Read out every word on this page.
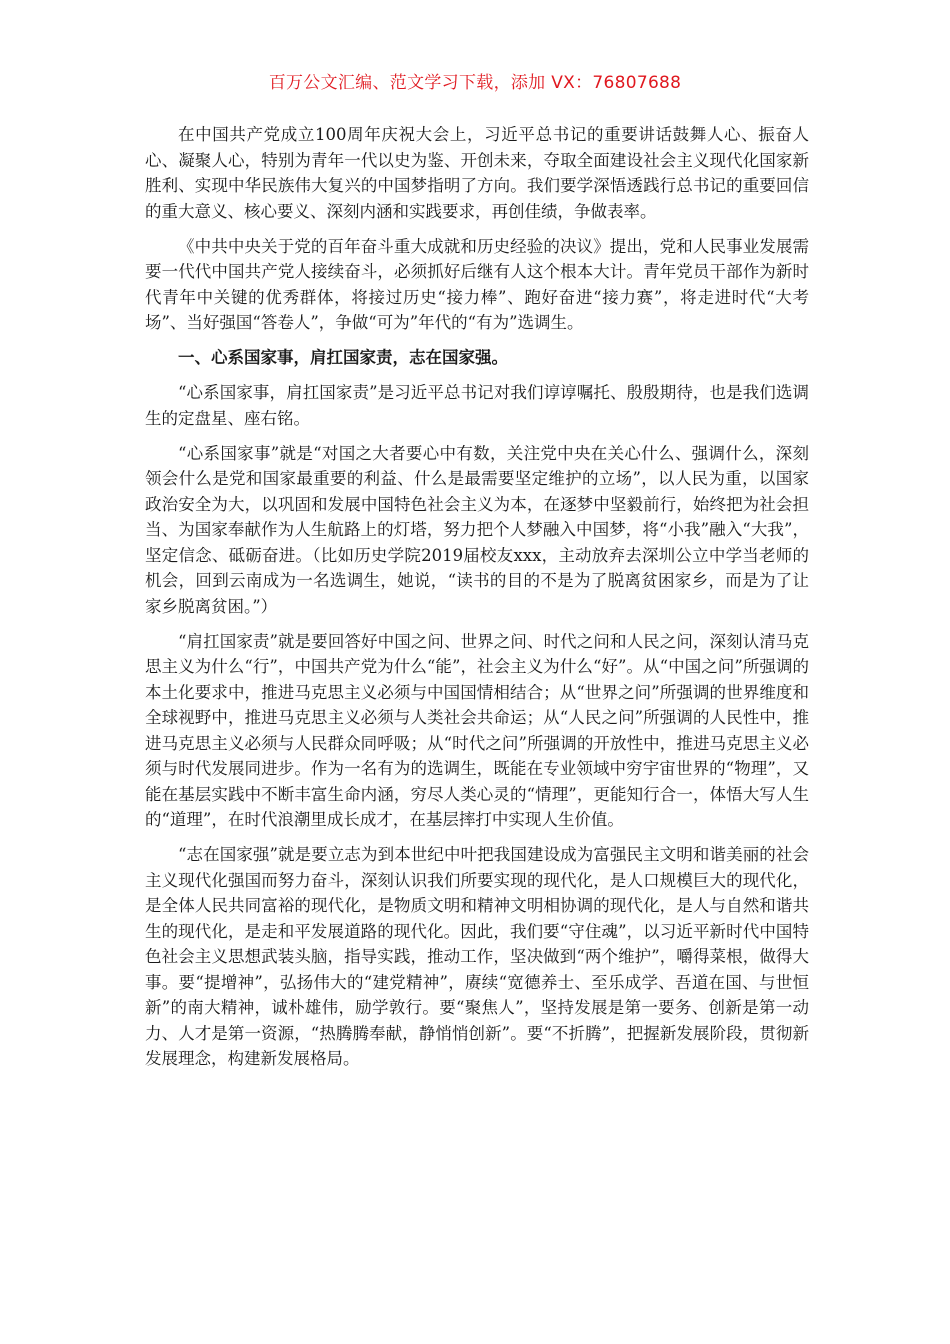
百万公文汇编、范文学习下载，添加 VX：76807688

在中国共产党成立100周年庆祝大会上，习近平总书记的重要讲话鼓舞人心、振奋人心、凝聚人心，特别为青年一代以史为鉴、开创未来，夺取全面建设社会主义现代化国家新胜利、实现中华民族伟大复兴的中国梦指明了方向。我们要学深悟透践行总书记的重要回信的重大意义、核心要义、深刻内涵和实践要求，再创佳绩，争做表率。

《中共中央关于党的百年奋斗重大成就和历史经验的决议》提出，党和人民事业发展需要一代代中国共产党人接续奋斗，必须抓好后继有人这个根本大计。青年党员干部作为新时代青年中关键的优秀群体，将接过历史“接力棒”、跑好奋进“接力赛”，将走进时代“大考场”、当好强国“答卷人”，争做“可为”年代的“有为”选调生。

一、心系国家事，肩扛国家责，志在国家强。

“心系国家事，肩扛国家责”是习近平总书记对我们谆谆嘱托、殷殷期待，也是我们选调生的定盘星、座右铭。

“心系国家事”就是“对国之大者要心中有数，关注党中央在关心什么、强调什么，深刻领会什么是党和国家最重要的利益、什么是最需要坚定维护的立场”，以人民为重，以国家政治安全为大，以巩固和发展中国特色社会主义为本，在逐梦中坚毅前行，始终把为社会担当、为国家奉献作为人生航路上的灯塔，努力把个人梦融入中国梦，将“小我”融入“大我”，坚定信念、砥砺奋进。（比如历史学院2019届校友xxx，主动放弃去深圳公立中学当老师的机会，回到云南成为一名选调生，她说，“读书的目的不是为了脱离贫困家乡，而是为了让家乡脱离贫困。”）

“肩扛国家责”就是要回答好中国之问、世界之问、时代之问和人民之问，深刻认清马克思主义为什么“行”，中国共产党为什么“能”，社会主义为什么“好”。从“中国之问”所强调的本土化要求中，推进马克思主义必须与中国国情相结合；从“世界之问”所强调的世界维度和全球视野中，推进马克思主义必须与人类社会共命运；从“人民之问”所强调的人民性中，推进马克思主义必须与人民群众同呼吸；从“时代之问”所强调的开放性中，推进马克思主义必须与时代发展同进步。作为一名有为的选调生，既能在专业领域中穷宇宙世界的“物理”，又能在基层实践中不断丰富生命内涵，穷尽人类心灵的“情理”，更能知行合一，体悟大写人生的“道理”，在时代浪潮里成长成才，在基层摔打中实现人生价值。

“志在国家强”就是要立志为到本世纪中叶把我国建设成为富强民主文明和谐美丽的社会主义现代化强国而努力奋斗，深刻认识我们所要实现的现代化，是人口规模巨大的现代化，是全体人民共同富裕的现代化，是物质文明和精神文明相协调的现代化，是人与自然和谐共生的现代化，是走和平发展道路的现代化。因此，我们要“守住魂”，以习近平新时代中国特色社会主义思想武装头脑，指导实践，推动工作，坚决做到“两个维护”，嚼得菜根，做得大事。要“提增神”，弘扬伟大的“建党精神”，赓续“宽德养士、至乐成学、吾道在国、与世恒新”的南大精神，诚朴雄伟，励学敦行。要“聚焦人”，坚持发展是第一要务、创新是第一动力、人才是第一资源，“热腾腾奉献，静悄悄创新”。要“不折腾”，把握新发展阶段，贯彻新发展理念，构建新发展格局。
